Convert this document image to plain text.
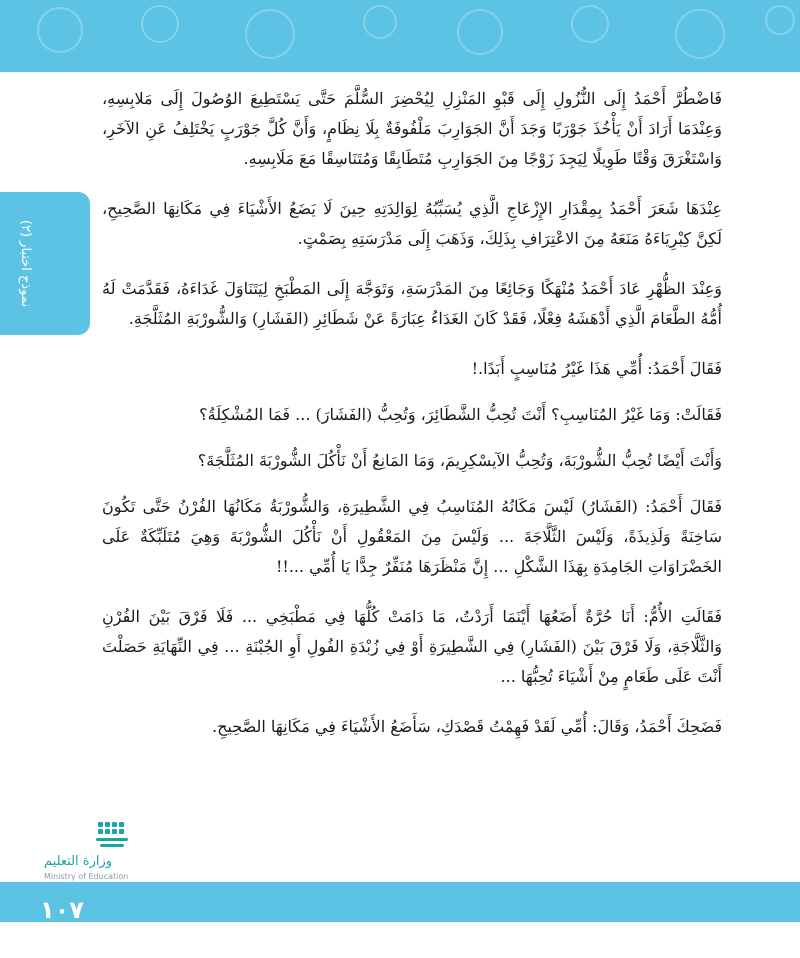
نموذج اختبار (٢)

فَاضْطُرَّ أَحْمَدُ إِلَى النُّزُولِ إِلَى قَبْوِ المَنْزِلِ لِيُحْضِرَ السُّلَّمَ حَتَّى يَسْتَطِيعَ الوُصُولَ إِلَى مَلابِسِهِ، وَعِنْدَمَا أَرَادَ أَنْ يَأْخُذَ جَوْرَبًا وَجَدَ أَنَّ الجَوَارِبَ مَلْفُوفَةٌ بِلَا نِظَامٍ، وَأَنَّ كُلَّ جَوْرَبٍ يَخْتَلِفُ عَنِ الآخَرِ، وَاسْتَغْرَقَ وَقْتًا طَوِيلًا لِيَجِدَ زَوْجًا مِنَ الجَوَارِبِ مُتَطَابِقًا وَمُتَنَاسِقًا مَعَ مَلَابِسِهِ.

عِنْدَهَا شَعَرَ أَحْمَدُ بِمِقْدَارِ الإِزْعَاجِ الَّذِي يُسَبِّبُهُ لِوَالِدَتِهِ حِينَ لَا يَضَعُ الأَشْيَاءَ فِي مَكَانِهَا الصَّحِيحِ، لَكِنَّ كِبْرِيَاءَهُ مَنَعَهُ مِنَ الاعْتِرَافِ بِذَلِكَ، وَذَهَبَ إِلَى مَدْرَسَتِهِ بِصَمْتٍ.

وَعِنْدَ الظُّهْرِ عَادَ أَحْمَدُ مُنْهَكًا وَجَائِعًا مِنَ المَدْرَسَةِ، وَتَوَجَّهَ إِلَى المَطْبَخِ لِيَتَنَاوَلَ غَدَاءَهُ، فَقَدَّمَتْ لَهُ أُمُّهُ الطَّعَامَ الَّذِي أَدْهَشَهُ فِعْلًا، فَقَدْ كَانَ الغَدَاءُ عِبَارَةً عَنْ شَطَائِرِ (الفَشَارِ) وَالشُّورْبَةِ المُثَلَّجَةِ.

فَقَالَ أَحْمَدُ: أُمِّي هَذَا غَيْرُ مُنَاسِبٍ أَبَدًا.!

فَقَالَتْ: وَمَا غَيْرُ المُنَاسِبِ؟ أَنْتَ تُحِبُّ الشَّطَائِرَ، وَتُحِبُّ (الفَشَارَ) ... فَمَا المُشْكِلَةُ؟

وَأَنْتَ أَيْضًا تُحِبُّ الشُّورْبَةَ، وَتُحِبُّ الآيسْكِرِيمَ، وَمَا المَانِعُ أَنْ نَأْكُلَ الشُّورْبَةَ المُثَلَّجَةَ؟

فَقَالَ أَحْمَدُ: (الفَشَارُ) لَيْسَ مَكَانُهُ المُنَاسِبُ فِي الشَّطِيرَةِ، وَالشُّورْبَةُ مَكَانُهَا الفُرْنُ حَتَّى تَكُونَ سَاخِنَةً وَلَذِيذَةً، وَلَيْسَ الثَّلَّاجَةَ ... وَلَيْسَ مِنَ المَعْقُولِ أَنْ نَأْكُلَ الشُّورْبَةَ وَهِيَ مُتَلَبِّكَةٌ عَلَى الخَضْرَاوَاتِ الجَامِدَةِ بِهَذَا الشَّكْلِ ... إِنَّ مَنْظَرَهَا مُنَفِّرٌ جِدًّا يَا أُمِّي ...!!

فَقَالَتِ الأُمُّ: أَنَا حُرَّةٌ أَضَعُهَا أَيْنَمَا أَرَدْتُ، مَا دَامَتْ كُلُّهَا فِي مَطْبَخِي ... فَلَا فَرْقَ بَيْنَ الفُرْنِ وَالثَّلَّاجَةِ، وَلَا فَرْقَ بَيْنَ (الفَشَارِ) فِي الشَّطِيرَةِ أَوْ فِي زُبْدَةِ الفُولِ أَوِ الجُبْنَةِ ... فِي النِّهَايَةِ حَصَلْتَ أَنْتَ عَلَى طَعَامٍ مِنْ أَشْيَاءَ تُحِبُّهَا ...

فَضَحِكَ أَحْمَدُ، وَقَالَ: أُمِّي لَقَدْ فَهِمْتُ قَصْدَكِ، سَأَضَعُ الأَشْيَاءَ فِي مَكَانِهَا الصَّحِيحِ.

وزارة التعليم
Ministry of Education
١٠٧
